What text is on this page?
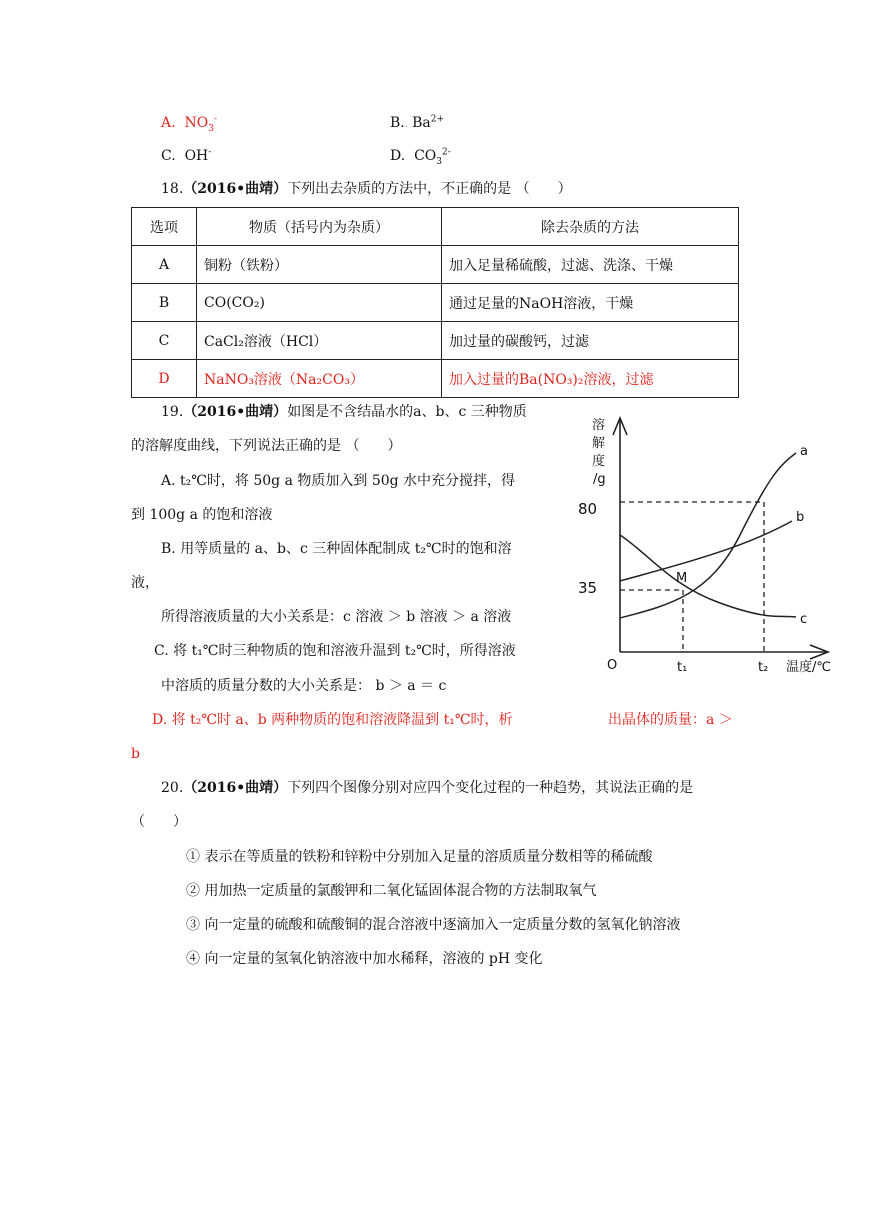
A. $NO_3^-$	B.. $Ba^{2+}$
C. OH-	D. $CO_3^{2-}$
18.（2016•曲靖）下列出去杂质的方法中，不正确的是 （　　）
选项	物质（括号内为杂质）	除去杂质的方法
A	铜粉（铁粉）	加入足量稀硫酸，过滤、洗涤、干燥
B	CO(CO₂)	通过足量的NaOH溶液，干燥
C	CaCl₂溶液（HCl）	加过量的碳酸钙，过滤
D	NaNO₃溶液（Na₂CO₃）	加入过量的Ba(NO₃)₂溶液，过滤
19.（2016•曲靖）如图是不含结晶水的a、b、c 三种物质
的溶解度曲线，下列说法正确的是 （　　）
A. t₂℃时，将 50g a 物质加入到 50g 水中充分搅拌，得
到 100g a 的饱和溶液
B. 用等质量的 a、b、c 三种固体配制成 t₂℃时的饱和溶
液，
所得溶液质量的大小关系是：c 溶液 ＞ b 溶液 ＞ a 溶液
C. 将 t₁℃时三种物质的饱和溶液升温到 t₂℃时，所得溶液
中溶质的质量分数的大小关系是： b ＞ a ＝ c
D. 将 t₂℃时 a、b 两种物质的饱和溶液降温到 t₁℃时，析	出晶体的质量：a ＞
b
溶
解
度
/g
80
35
O	t₁	t₂ 温度/℃
a
b
c
M
20.（2016•曲靖）下列四个图像分别对应四个变化过程的一种趋势，其说法正确的是
（　　）
① 表示在等质量的铁粉和锌粉中分别加入足量的溶质质量分数相等的稀硫酸
② 用加热一定质量的氯酸钾和二氧化锰固体混合物的方法制取氧气
③ 向一定量的硫酸和硫酸铜的混合溶液中逐滴加入一定质量分数的氢氧化钠溶液
④ 向一定量的氢氧化钠溶液中加水稀释，溶液的 pH 变化
